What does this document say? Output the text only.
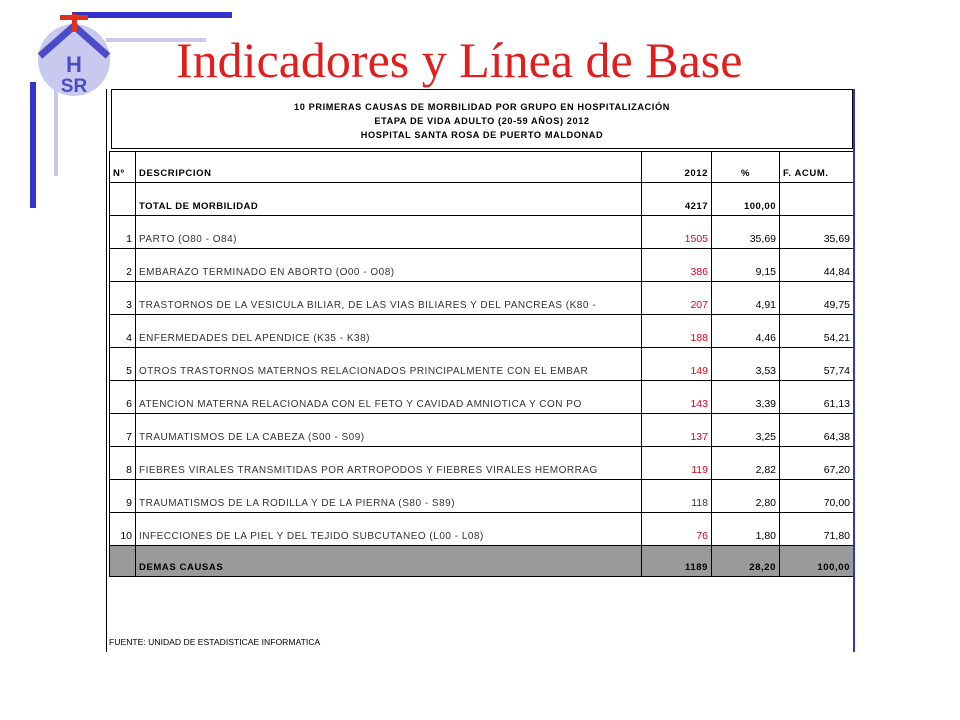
H
SR Indicadores y Línea de Base
10 PRIMERAS CAUSAS DE MORBILIDAD POR GRUPO EN HOSPITALIZACIÓN
ETAPA DE VIDA ADULTO (20-59 AÑOS) 2012
HOSPITAL SANTA ROSA DE PUERTO MALDONAD
Nº	DESCRIPCION	2012	%	F. ACUM.
	TOTAL DE MORBILIDAD	4217	100,00	
1	PARTO (O80 - O84)	1505	35,69	35,69
2	EMBARAZO TERMINADO EN ABORTO (O00 - O08)	386	9,15	44,84
3	TRASTORNOS DE LA VESICULA BILIAR, DE LAS VIAS BILIARES Y DEL PANCREAS (K80 -	207	4,91	49,75
4	ENFERMEDADES DEL APENDICE (K35 - K38)	188	4,46	54,21
5	OTROS TRASTORNOS MATERNOS RELACIONADOS PRINCIPALMENTE CON EL EMBAR	149	3,53	57,74
6	ATENCION MATERNA RELACIONADA CON EL FETO Y CAVIDAD AMNIOTICA Y CON PO	143	3,39	61,13
7	TRAUMATISMOS DE LA CABEZA (S00 - S09)	137	3,25	64,38
8	FIEBRES VIRALES TRANSMITIDAS POR ARTROPODOS Y FIEBRES VIRALES HEMORRAG	119	2,82	67,20
9	TRAUMATISMOS DE LA RODILLA Y DE LA PIERNA (S80 - S89)	118	2,80	70,00
10	INFECCIONES DE LA PIEL Y DEL TEJIDO SUBCUTANEO (L00 - L08)	76	1,80	71,80
	DEMAS CAUSAS	1189	28,20	100,00
FUENTE: UNIDAD DE ESTADISTICAE INFORMATICA
